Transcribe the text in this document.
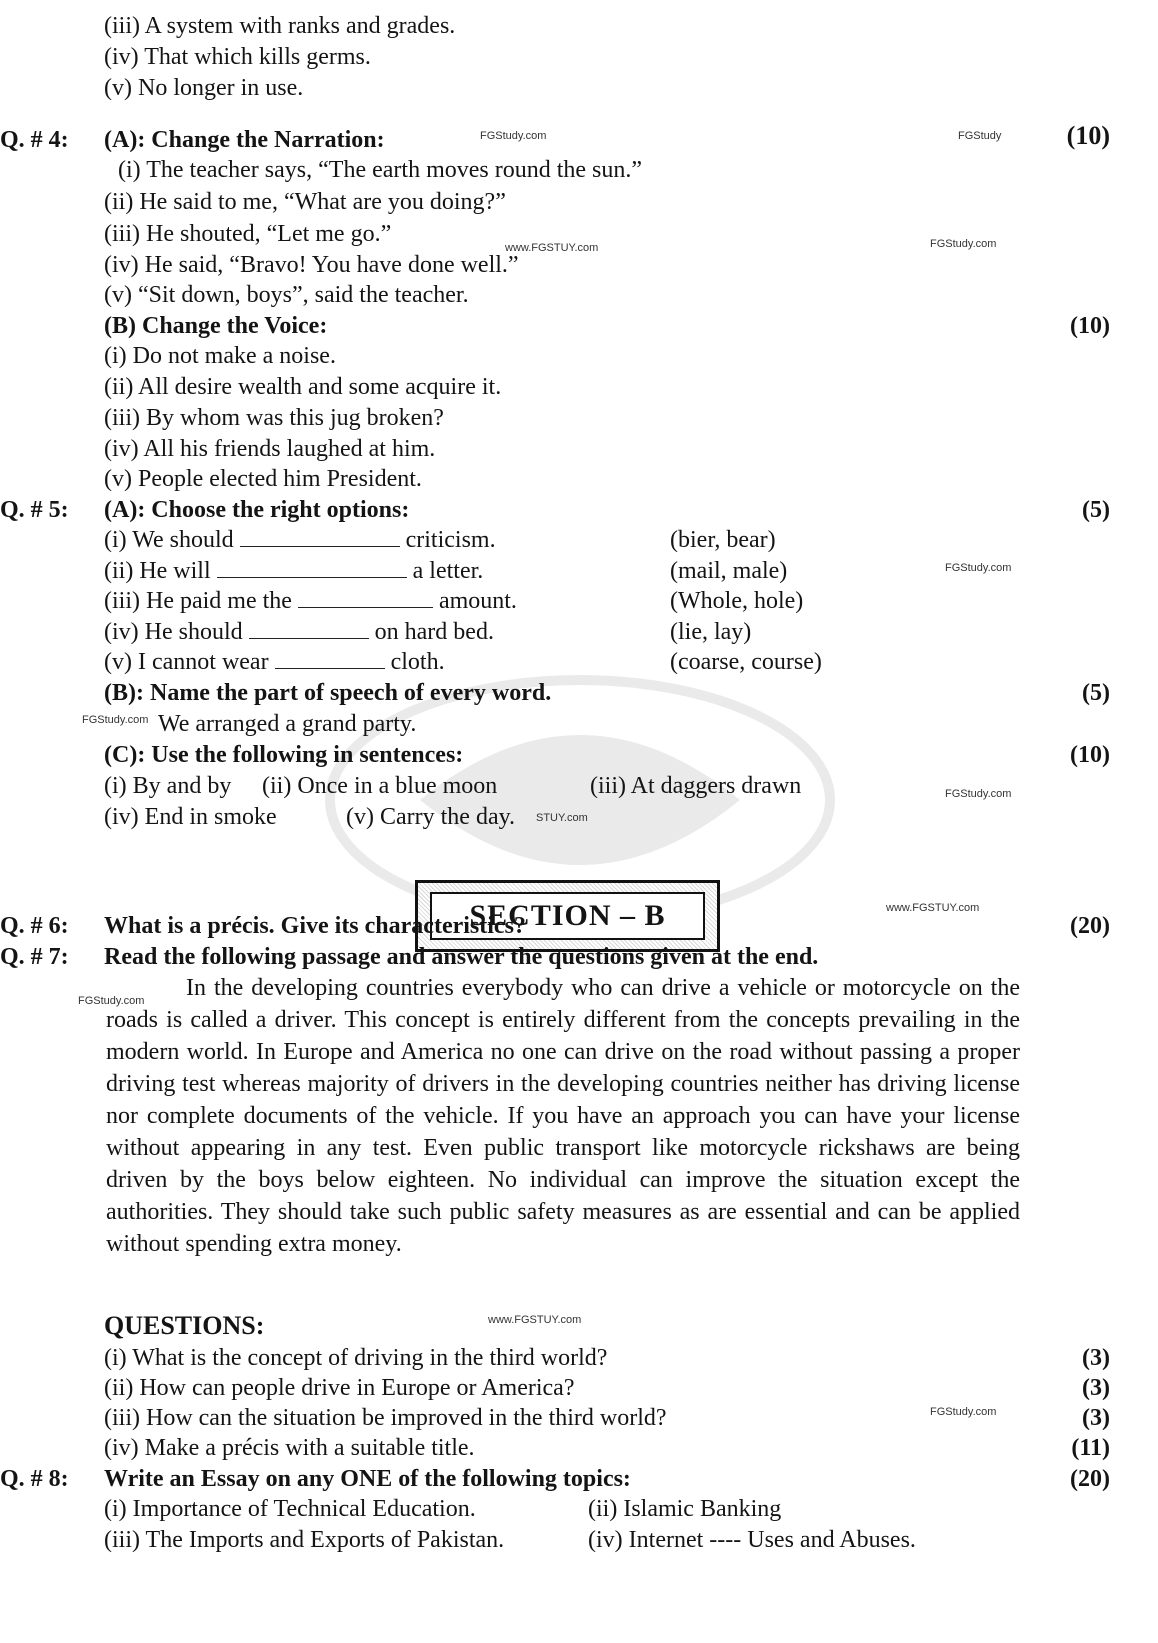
(iii) A system with ranks and grades.
(iv) That which kills germs.
(v) No longer in use.
Q. # 4: (A): Change the Narration:	(10)
(i) The teacher says, “The earth moves round the sun.”
(ii) He said to me, “What are you doing?”
(iii) He shouted, “Let me go.”
(iv) He said, “Bravo! You have done well.”
(v) “Sit down, boys”, said the teacher.
(B) Change the Voice:	(10)
(i) Do not make a noise.
(ii) All desire wealth and some acquire it.
(iii) By whom was this jug broken?
(iv) All his friends laughed at him.
(v) People elected him President.
Q. # 5: (A): Choose the right options:	(5)
(i) We should	criticism.	(bier, bear)
(ii) He will	a letter.	(mail, male)
(iii) He paid me the	amount.	(Whole, hole)
(iv) He should	on hard bed.	(lie, lay)
(v) I cannot wear	cloth.	(coarse, course)
(B): Name the part of speech of every word.	(5)
We arranged a grand party.
(C): Use the following in sentences:	(10)
(i) By and by (ii) Once in a blue moon	(iii) At daggers drawn
(iv) End in smoke	(v) Carry the day.
SECTION – B
Q. # 6: What is a précis. Give its characteristics?	(20)
Q. # 7: Read the following passage and answer the questions given at the end.
In the developing countries everybody who can drive a vehicle or motorcycle on the roads is called a driver. This concept is entirely different from the concepts prevailing in the modern world. In Europe and America no one can drive on the road without passing a proper driving test whereas majority of drivers in the developing countries neither has driving license nor complete documents of the vehicle. If you have an approach you can have your license without appearing in any test. Even public transport like motorcycle rickshaws are being driven by the boys below eighteen. No individual can improve the situation except the authorities. They should take such public safety measures as are essential and can be applied without spending extra money.
QUESTIONS:
(i) What is the concept of driving in the third world?	(3)
(ii) How can people drive in Europe or America?	(3)
(iii) How can the situation be improved in the third world?	(3)
(iv) Make a précis with a suitable title.	(11)
Q. # 8: Write an Essay on any ONE of the following topics:	(20)
(i) Importance of Technical Education.	(ii) Islamic Banking
(iii) The Imports and Exports of Pakistan.	(iv) Internet ---- Uses and Abuses.
FGStudy.com	FGStudy
www.FGSTUY.com	FGStudy.com
FGStudy.com
FGStudy.com
FGStudy.com
STUY.com
www.FGSTUY.com
FGStudy.com
www.FGSTUY.com
FGStudy.com
